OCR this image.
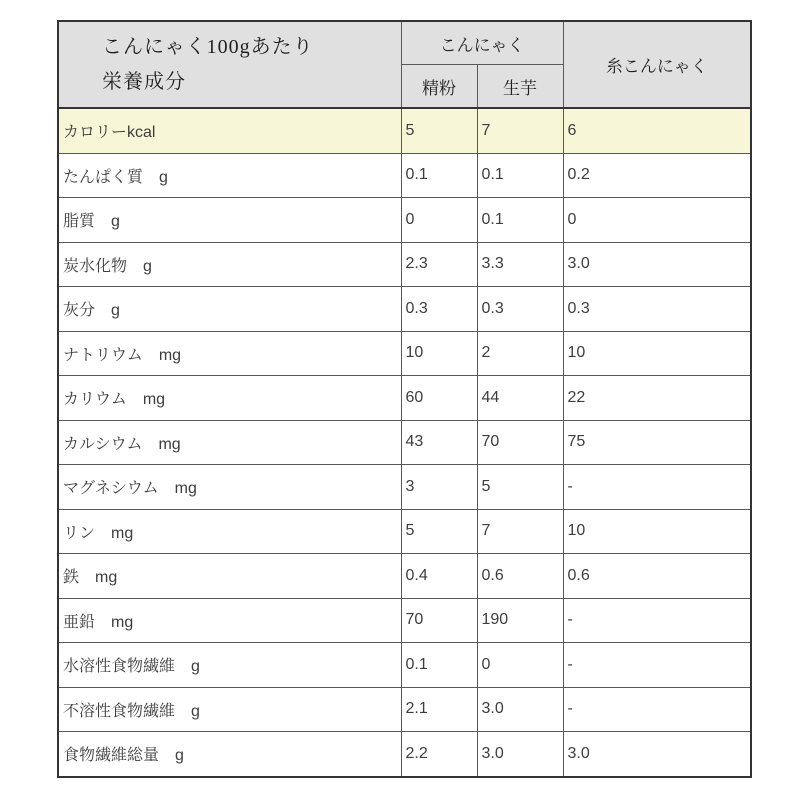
こんにゃく100gあたり
栄養成分	こんにゃく		糸こんにゃく
	精粉	生芋	
カロリーkcal	5	7	6
たんぱく質　g	0.1	0.1	0.2
脂質　g	0	0.1	0
炭水化物　g	2.3	3.3	3.0
灰分　g	0.3	0.3	0.3
ナトリウム　mg	10	2	10
カリウム　mg	60	44	22
カルシウム　mg	43	70	75
マグネシウム　mg	3	5	-
リン　mg	5	7	10
鉄　mg	0.4	0.6	0.6
亜鉛　mg	70	190	-
水溶性食物繊維　g	0.1	0	-
不溶性食物繊維　g	2.1	3.0	-
食物繊維総量　g	2.2	3.0	3.0
